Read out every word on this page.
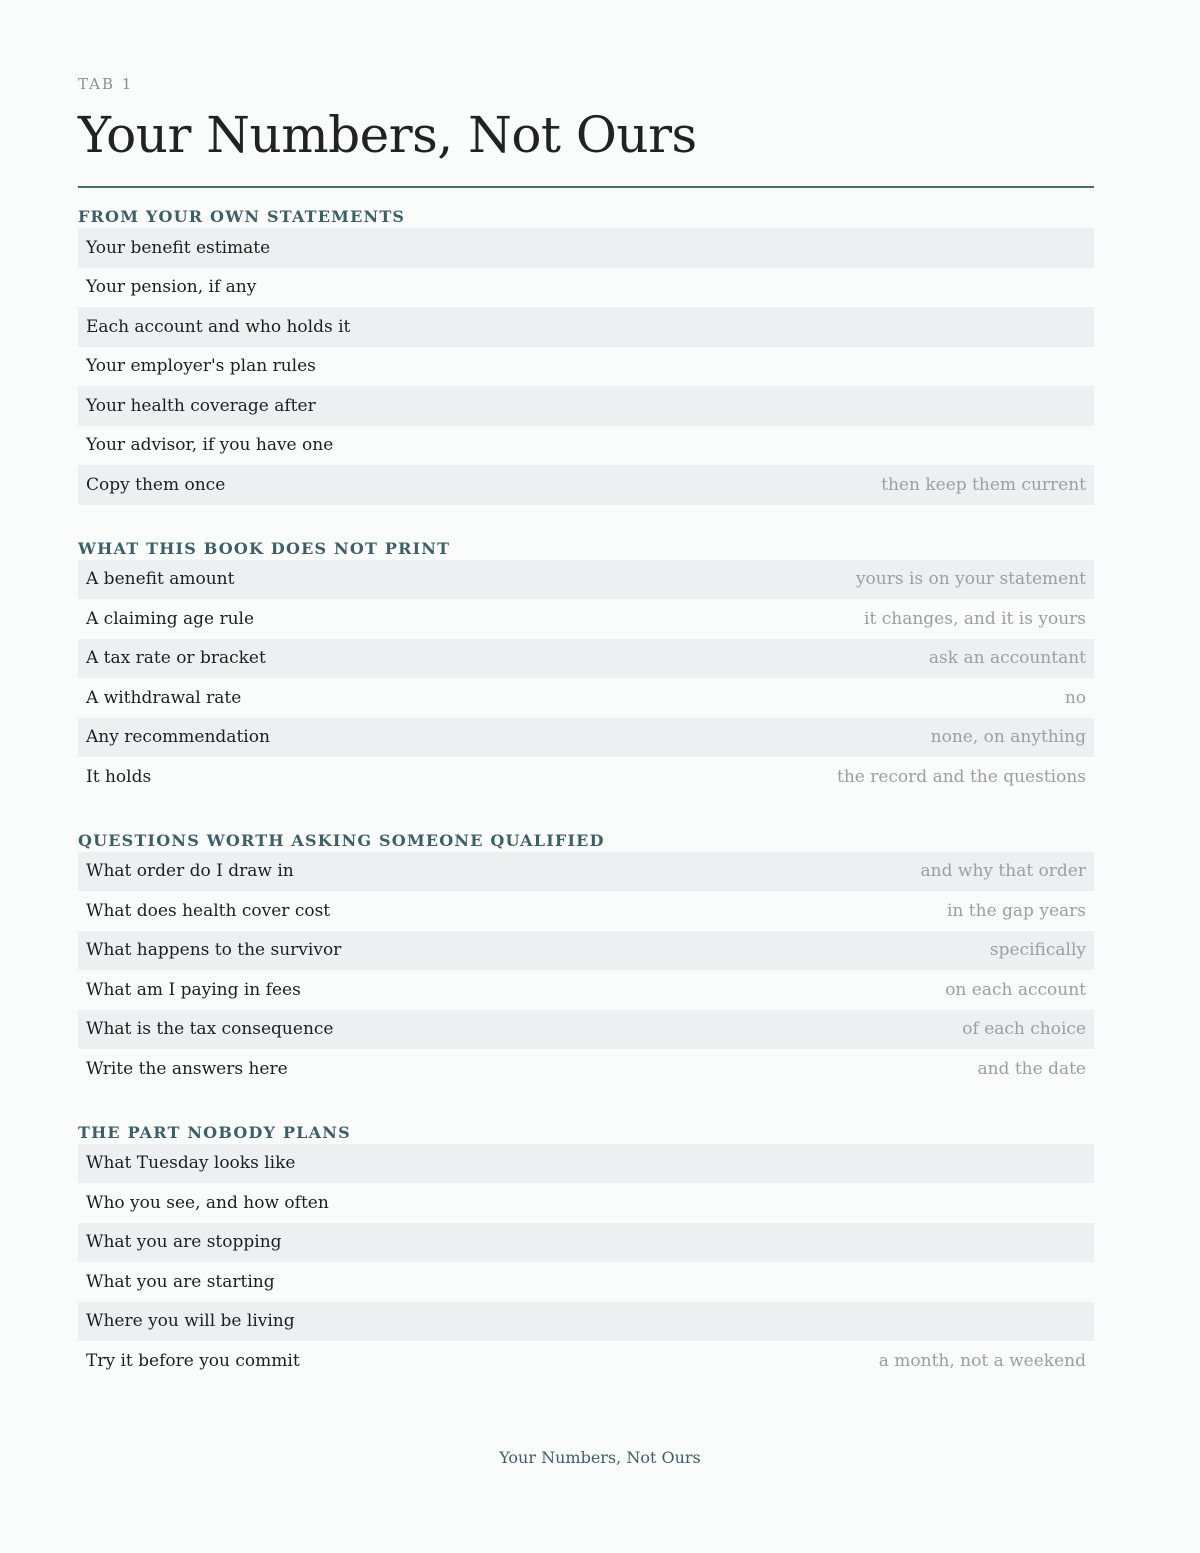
TAB 1

Your Numbers, Not Ours
FROM YOUR OWN STATEMENTS
Your benefit estimate
Your pension, if any
Each account and who holds it
Your employer's plan rules
Your health coverage after
Your advisor, if you have one
Copy them once	then keep them current
WHAT THIS BOOK DOES NOT PRINT
A benefit amount	yours is on your statement
A claiming age rule	it changes, and it is yours
A tax rate or bracket	ask an accountant
A withdrawal rate	no
Any recommendation	none, on anything
It holds	the record and the questions
QUESTIONS WORTH ASKING SOMEONE QUALIFIED
What order do I draw in	and why that order
What does health cover cost	in the gap years
What happens to the survivor	specifically
What am I paying in fees	on each account
What is the tax consequence	of each choice
Write the answers here	and the date
THE PART NOBODY PLANS
What Tuesday looks like
Who you see, and how often
What you are stopping
What you are starting
Where you will be living
Try it before you commit	a month, not a weekend
Your Numbers, Not Ours
